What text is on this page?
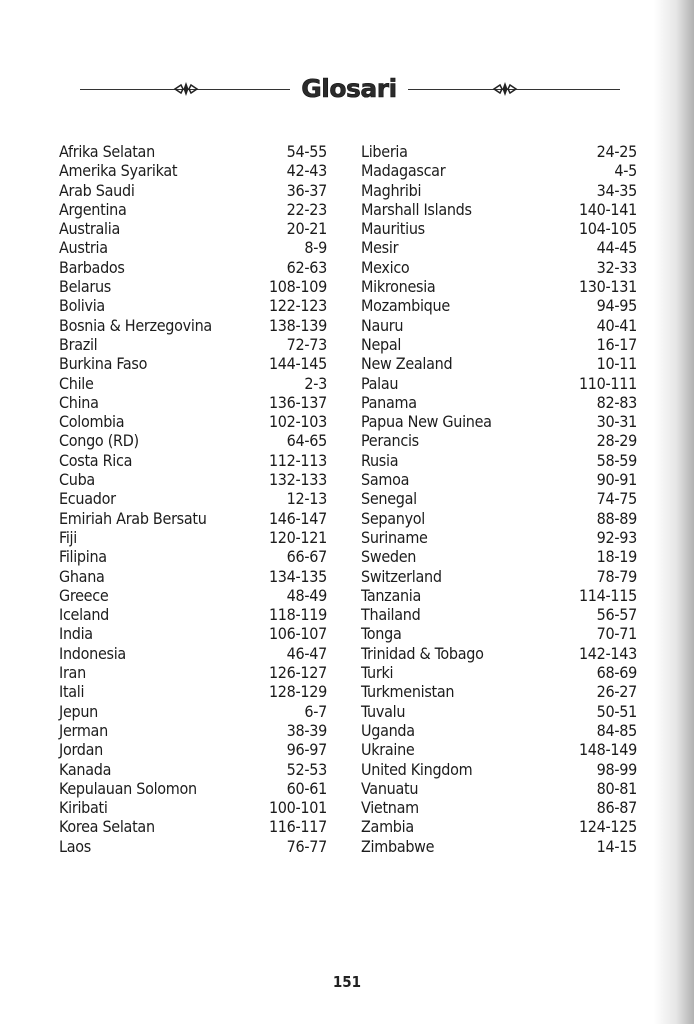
Glosari
Afrika Selatan	54-55
Amerika Syarikat	42-43
Arab Saudi	36-37
Argentina	22-23
Australia	20-21
Austria	8-9
Barbados	62-63
Belarus	108-109
Bolivia	122-123
Bosnia & Herzegovina	138-139
Brazil	72-73
Burkina Faso	144-145
Chile	2-3
China	136-137
Colombia	102-103
Congo (RD)	64-65
Costa Rica	112-113
Cuba	132-133
Ecuador	12-13
Emiriah Arab Bersatu	146-147
Fiji	120-121
Filipina	66-67
Ghana	134-135
Greece	48-49
Iceland	118-119
India	106-107
Indonesia	46-47
Iran	126-127
Itali	128-129
Jepun	6-7
Jerman	38-39
Jordan	96-97
Kanada	52-53
Kepulauan Solomon	60-61
Kiribati	100-101
Korea Selatan	116-117
Laos	76-77
Liberia	24-25
Madagascar	4-5
Maghribi	34-35
Marshall Islands	140-141
Mauritius	104-105
Mesir	44-45
Mexico	32-33
Mikronesia	130-131
Mozambique	94-95
Nauru	40-41
Nepal	16-17
New Zealand	10-11
Palau	110-111
Panama	82-83
Papua New Guinea	30-31
Perancis	28-29
Rusia	58-59
Samoa	90-91
Senegal	74-75
Sepanyol	88-89
Suriname	92-93
Sweden	18-19
Switzerland	78-79
Tanzania	114-115
Thailand	56-57
Tonga	70-71
Trinidad & Tobago	142-143
Turki	68-69
Turkmenistan	26-27
Tuvalu	50-51
Uganda	84-85
Ukraine	148-149
United Kingdom	98-99
Vanuatu	80-81
Vietnam	86-87
Zambia	124-125
Zimbabwe	14-15
151
